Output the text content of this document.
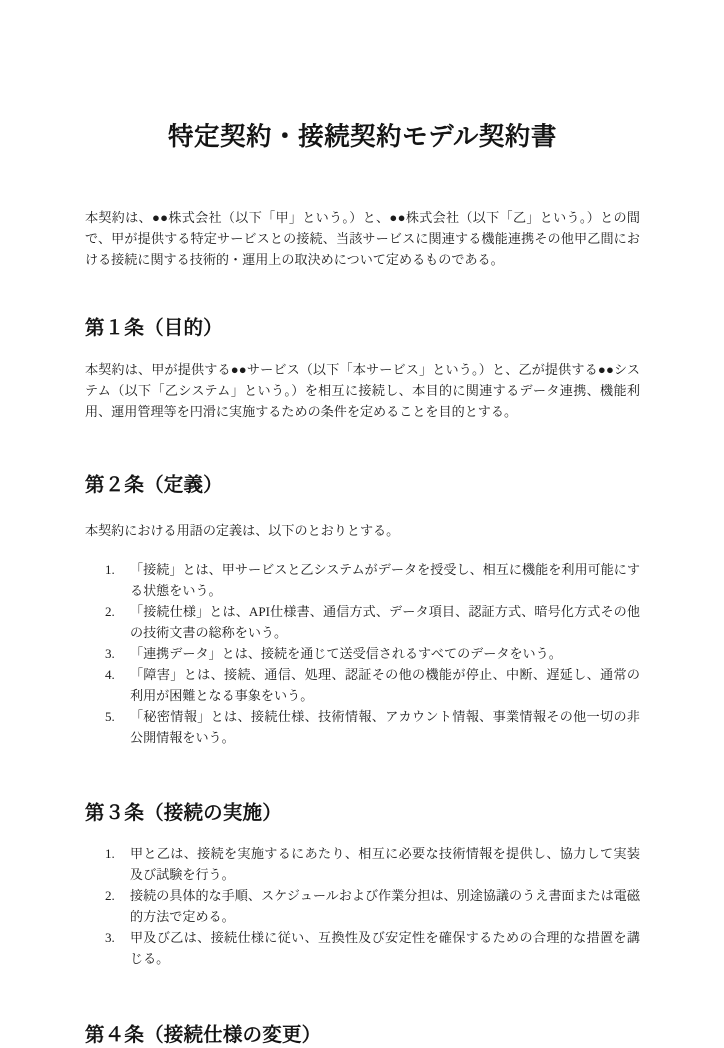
特定契約・接続契約モデル契約書

本契約は、●●株式会社（以下「甲」という。）と、●●株式会社（以下「乙」という。）との間で、甲が提供する特定サービスとの接続、当該サービスに関連する機能連携その他甲乙間における接続に関する技術的・運用上の取決めについて定めるものである。

第１条（目的）

本契約は、甲が提供する●●サービス（以下「本サービス」という。）と、乙が提供する●●システム（以下「乙システム」という。）を相互に接続し、本目的に関連するデータ連携、機能利用、運用管理等を円滑に実施するための条件を定めることを目的とする。

第２条（定義）

本契約における用語の定義は、以下のとおりとする。

「接続」とは、甲サービスと乙システムがデータを授受し、相互に機能を利用可能にする状態をいう。
「接続仕様」とは、API仕様書、通信方式、データ項目、認証方式、暗号化方式その他の技術文書の総称をいう。
「連携データ」とは、接続を通じて送受信されるすべてのデータをいう。
「障害」とは、接続、通信、処理、認証その他の機能が停止、中断、遅延し、通常の利用が困難となる事象をいう。
「秘密情報」とは、接続仕様、技術情報、アカウント情報、事業情報その他一切の非公開情報をいう。
第３条（接続の実施）
甲と乙は、接続を実施するにあたり、相互に必要な技術情報を提供し、協力して実装及び試験を行う。
接続の具体的な手順、スケジュールおよび作業分担は、別途協議のうえ書面または電磁的方法で定める。
甲及び乙は、接続仕様に従い、互換性及び安定性を確保するための合理的な措置を講じる。
第４条（接続仕様の変更）
